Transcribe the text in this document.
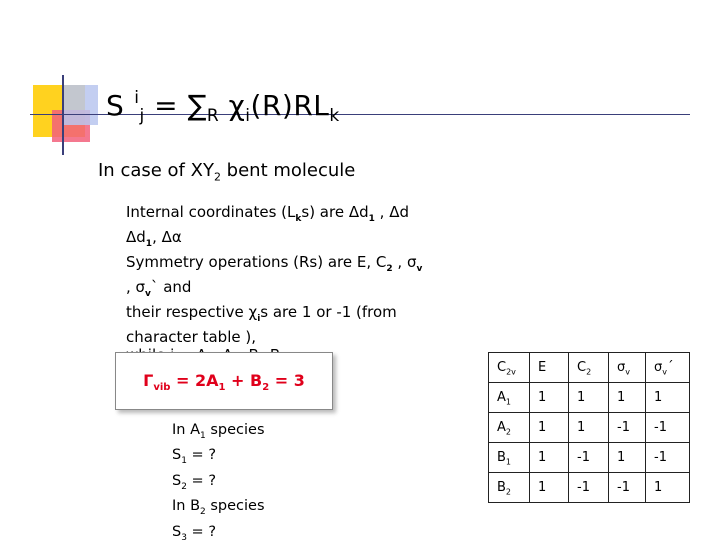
S $^i_j = \sum_R$ $\chi_i(R)RL_k$
In case of $XY_2$ bent molecule
Internal coordinates $(L_ks)$ are $\Delta d_1$ , Δd
$\Delta d_1$, Δα
Symmetry operations (Rs) are E, $C_2$ , $\sigma_v$
, $\sigma_v`$ and
their respective $\chi_is$ are 1 or -1 (from
character table ),
$\Gamma_{vib} = 2A_1 + B_2 = 3$
In $A_1$ species
$S_1$ = ?
$S_2$ = ?
In $B_2$ species
$S_3$ = ?
$C_{2v}$	E	$C_2$	$\sigma_v$	$\sigma_v´$
$A_1$	1	1	1	1
$A_2$	1	1	-1	-1
$B_1$	1	-1	1	-1
$B_2$	1	-1	-1	1
